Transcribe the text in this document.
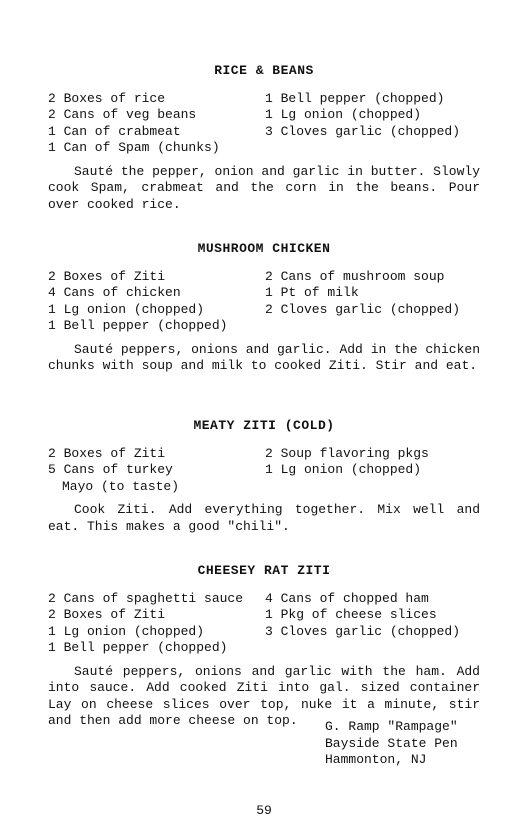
RICE & BEANS
2 Boxes of rice	1 Bell pepper (chopped)
2 Cans of veg beans	1 Lg onion (chopped)
1 Can of crabmeat	3 Cloves garlic (chopped)
1 Can of Spam (chunks)
Sauté the pepper, onion and garlic in butter. Slowly cook Spam, crabmeat and the corn in the beans. Pour over cooked rice.
MUSHROOM CHICKEN
2 Boxes of Ziti	2 Cans of mushroom soup
4 Cans of chicken	1 Pt of milk
1 Lg onion (chopped)	2 Cloves garlic (chopped)
1 Bell pepper (chopped)
Sauté peppers, onions and garlic. Add in the chicken chunks with soup and milk to cooked Ziti. Stir and eat.
MEATY ZITI (COLD)
2 Boxes of Ziti	2 Soup flavoring pkgs
5 Cans of turkey	1 Lg onion (chopped)
Mayo (to taste)
Cook Ziti. Add everything together. Mix well and eat. This makes a good "chili".
CHEESEY RAT ZITI
2 Cans of spaghetti sauce	4 Cans of chopped ham
2 Boxes of Ziti	1 Pkg of cheese slices
1 Lg onion (chopped)	3 Cloves garlic (chopped)
1 Bell pepper (chopped)
Sauté peppers, onions and garlic with the ham. Add into sauce. Add cooked Ziti into gal. sized container Lay on cheese slices over top, nuke it a minute, stir and then add more cheese on top.	G. Ramp "Rampage"
Bayside State Pen
Hammonton, NJ
59
